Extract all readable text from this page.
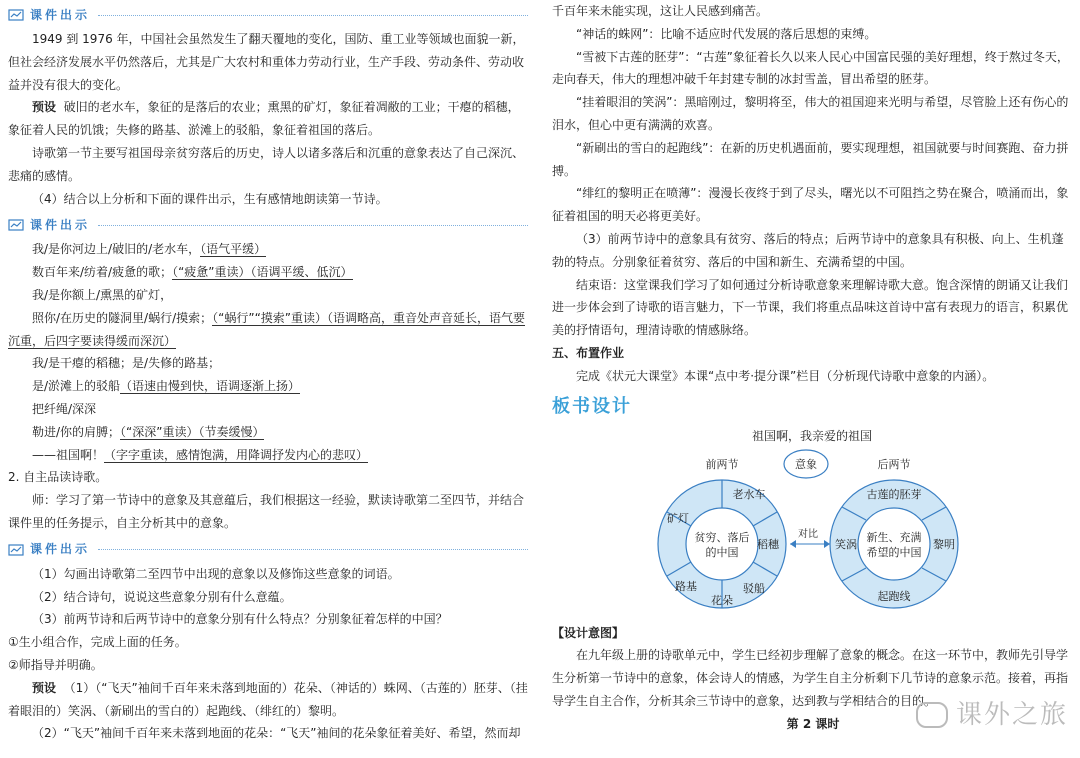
课件出示

1949 到 1976 年，中国社会虽然发生了翻天覆地的变化，国防、重工业等领域也面貌一新，但社会经济发展水平仍然落后，尤其是广大农村和重体力劳动行业，生产手段、劳动条件、劳动收益并没有很大的变化。

预设 破旧的老水车，象征的是落后的农业；熏黑的矿灯，象征着凋敝的工业；干瘪的稻穗，象征着人民的饥饿；失修的路基、淤滩上的驳船，象征着祖国的落后。

诗歌第一节主要写祖国母亲贫穷落后的历史，诗人以诸多落后和沉重的意象表达了自己深沉、悲痛的感情。

（4）结合以上分析和下面的课件出示，生有感情地朗读第一节诗。

课件出示

我/是你河边上/破旧的/老水车，（语气平缓）

数百年来/纺着/疲惫的歌；（“疲惫”重读）（语调平缓、低沉）

我/是你额上/熏黑的矿灯，

照你/在历史的隧洞里/蜗行/摸索；（“蜗行”“摸索”重读）（语调略高，重音处声音延长，语气要沉重，后四字要读得缓而深沉）

我/是干瘪的稻穗；是/失修的路基；

是/淤滩上的驳船（语速由慢到快，语调逐渐上扬）

把纤绳/深深

勒进/你的肩膊；（“深深”重读）（节奏缓慢）

——祖国啊！（字字重读，感情饱满，用降调抒发内心的悲叹）

2. 自主品读诗歌。

师：学习了第一节诗中的意象及其意蕴后，我们根据这一经验，默读诗歌第二至四节，并结合课件里的任务提示，自主分析其中的意象。

课件出示

（1）勾画出诗歌第二至四节中出现的意象以及修饰这些意象的词语。

（2）结合诗句，说说这些意象分别有什么意蕴。

（3）前两节诗和后两节诗中的意象分别有什么特点？分别象征着怎样的中国？

①生小组合作，完成上面的任务。

②师指导并明确。

预设 （1）（“飞天”袖间千百年来未落到地面的）花朵、（神话的）蛛网、（古莲的）胚芽、（挂着眼泪的）笑涡、（新刷出的雪白的）起跑线、（绯红的）黎明。

（2）“飞天”袖间千百年来未落到地面的花朵：“飞天”袖间的花朵象征着美好、希望，然而却

千百年来未能实现，这让人民感到痛苦。

“神话的蛛网”：比喻不适应时代发展的落后思想的束缚。

“雪被下古莲的胚芽”：“古莲”象征着长久以来人民心中国富民强的美好理想，终于熬过冬天，走向春天，伟大的理想冲破千年封建专制的冰封雪盖，冒出希望的胚芽。

“挂着眼泪的笑涡”：黑暗刚过，黎明将至，伟大的祖国迎来光明与希望，尽管脸上还有伤心的泪水，但心中更有满满的欢喜。

“新刷出的雪白的起跑线”：在新的历史机遇面前，要实现理想，祖国就要与时间赛跑、奋力拼搏。

“绯红的黎明正在喷薄”：漫漫长夜终于到了尽头，曙光以不可阻挡之势在聚合，喷涌而出，象征着祖国的明天必将更美好。

（3）前两节诗中的意象具有贫穷、落后的特点；后两节诗中的意象具有积极、向上、生机蓬勃的特点。分别象征着贫穷、落后的中国和新生、充满希望的中国。

结束语：这堂课我们学习了如何通过分析诗歌意象来理解诗歌大意。饱含深情的朗诵又让我们进一步体会到了诗歌的语言魅力，下一节课，我们将重点品味这首诗中富有表现力的语言，积累优美的抒情语句，理清诗歌的情感脉络。

五、布置作业

完成《状元大课堂》本课“点中考·提分课”栏目（分析现代诗歌中意象的内涵）。

板书设计
祖国啊，我亲爱的祖国
前两节	后两节
意象
贫穷、落后
的中国
老水车
稻穗
驳船
花朵
路基
矿灯
对比	新生、充满
希望的中国
古莲的胚芽
黎明
起跑线
笑涡

【设计意图】

在九年级上册的诗歌单元中，学生已经初步理解了意象的概念。在这一环节中，教师先引导学生分析第一节诗中的意象，体会诗人的情感，为学生自主分析剩下几节诗的意象示范。接着，再指导学生自主合作，分析其余三节诗中的意象，达到教与学相结合的目的。

第 2 课时	课外之旅
